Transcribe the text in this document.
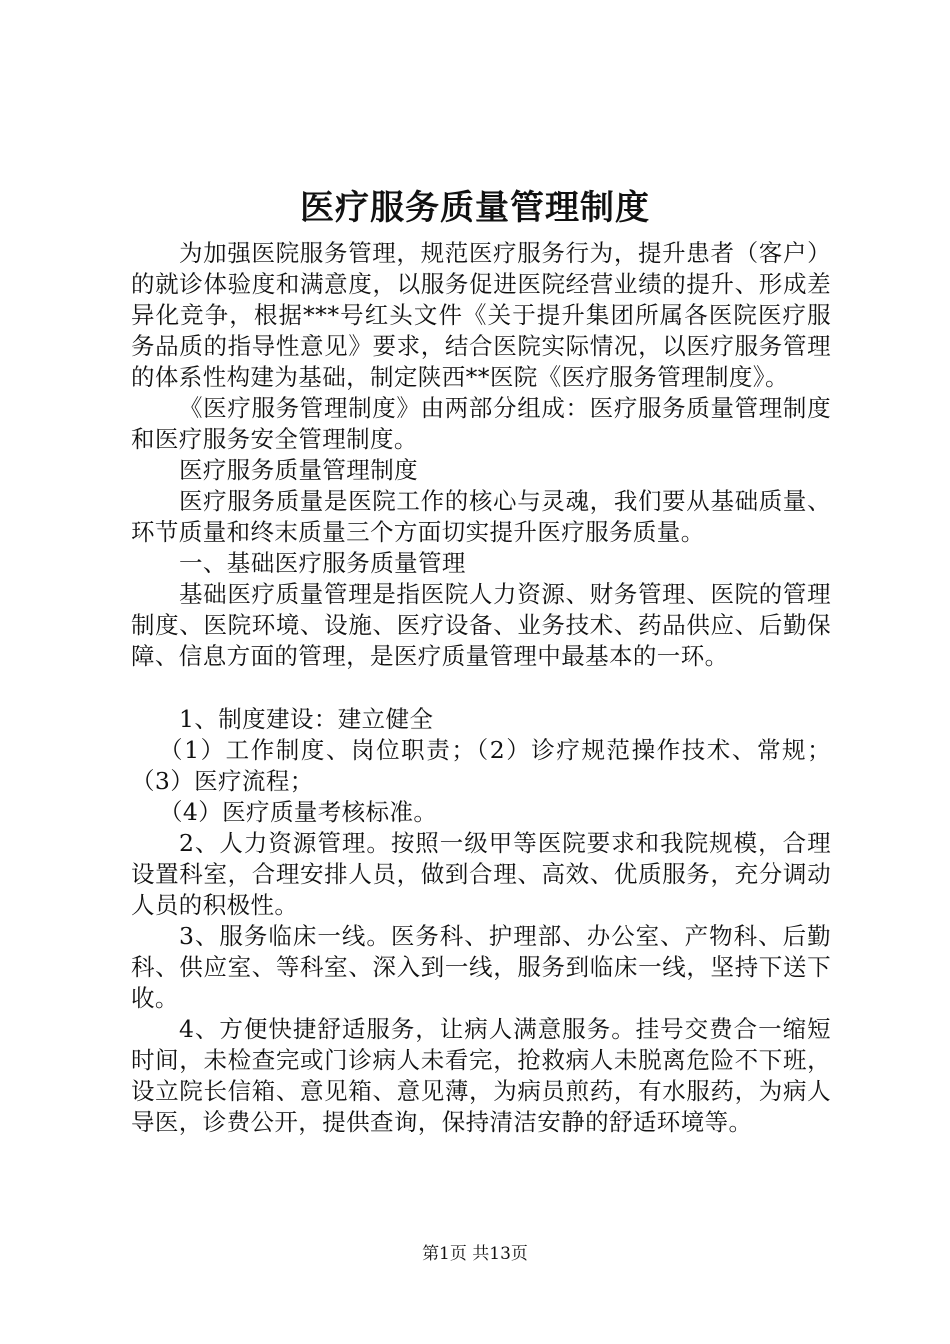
医疗服务质量管理制度

为加强医院服务管理，规范医疗服务行为，提升患者（客户）的就诊体验度和满意度，以服务促进医院经营业绩的提升、形成差异化竞争，根据***号红头文件《关于提升集团所属各医院医疗服务品质的指导性意见》要求，结合医院实际情况，以医疗服务管理的体系性构建为基础，制定陕西**医院《医疗服务管理制度》。

《医疗服务管理制度》由两部分组成：医疗服务质量管理制度和医疗服务安全管理制度。

医疗服务质量管理制度

医疗服务质量是医院工作的核心与灵魂，我们要从基础质量、环节质量和终末质量三个方面切实提升医疗服务质量。

一、基础医疗服务质量管理

基础医疗质量管理是指医院人力资源、财务管理、医院的管理制度、医院环境、设施、医疗设备、业务技术、药品供应、后勤保障、信息方面的管理，是医疗质量管理中最基本的一环。

1、制度建设：建立健全

（1）工作制度、岗位职责；（2）诊疗规范操作技术、常规；（3）医疗流程；

（4）医疗质量考核标准。

2、人力资源管理。按照一级甲等医院要求和我院规模，合理设置科室，合理安排人员，做到合理、高效、优质服务，充分调动人员的积极性。

3、服务临床一线。医务科、护理部、办公室、产物科、后勤科、供应室、等科室、深入到一线，服务到临床一线，坚持下送下收。

4、方便快捷舒适服务，让病人满意服务。挂号交费合一缩短时间，未检查完或门诊病人未看完，抢救病人未脱离危险不下班，设立院长信箱、意见箱、意见薄，为病员煎药，有水服药，为病人导医，诊费公开，提供查询，保持清洁安静的舒适环境等。

第1页 共13页
